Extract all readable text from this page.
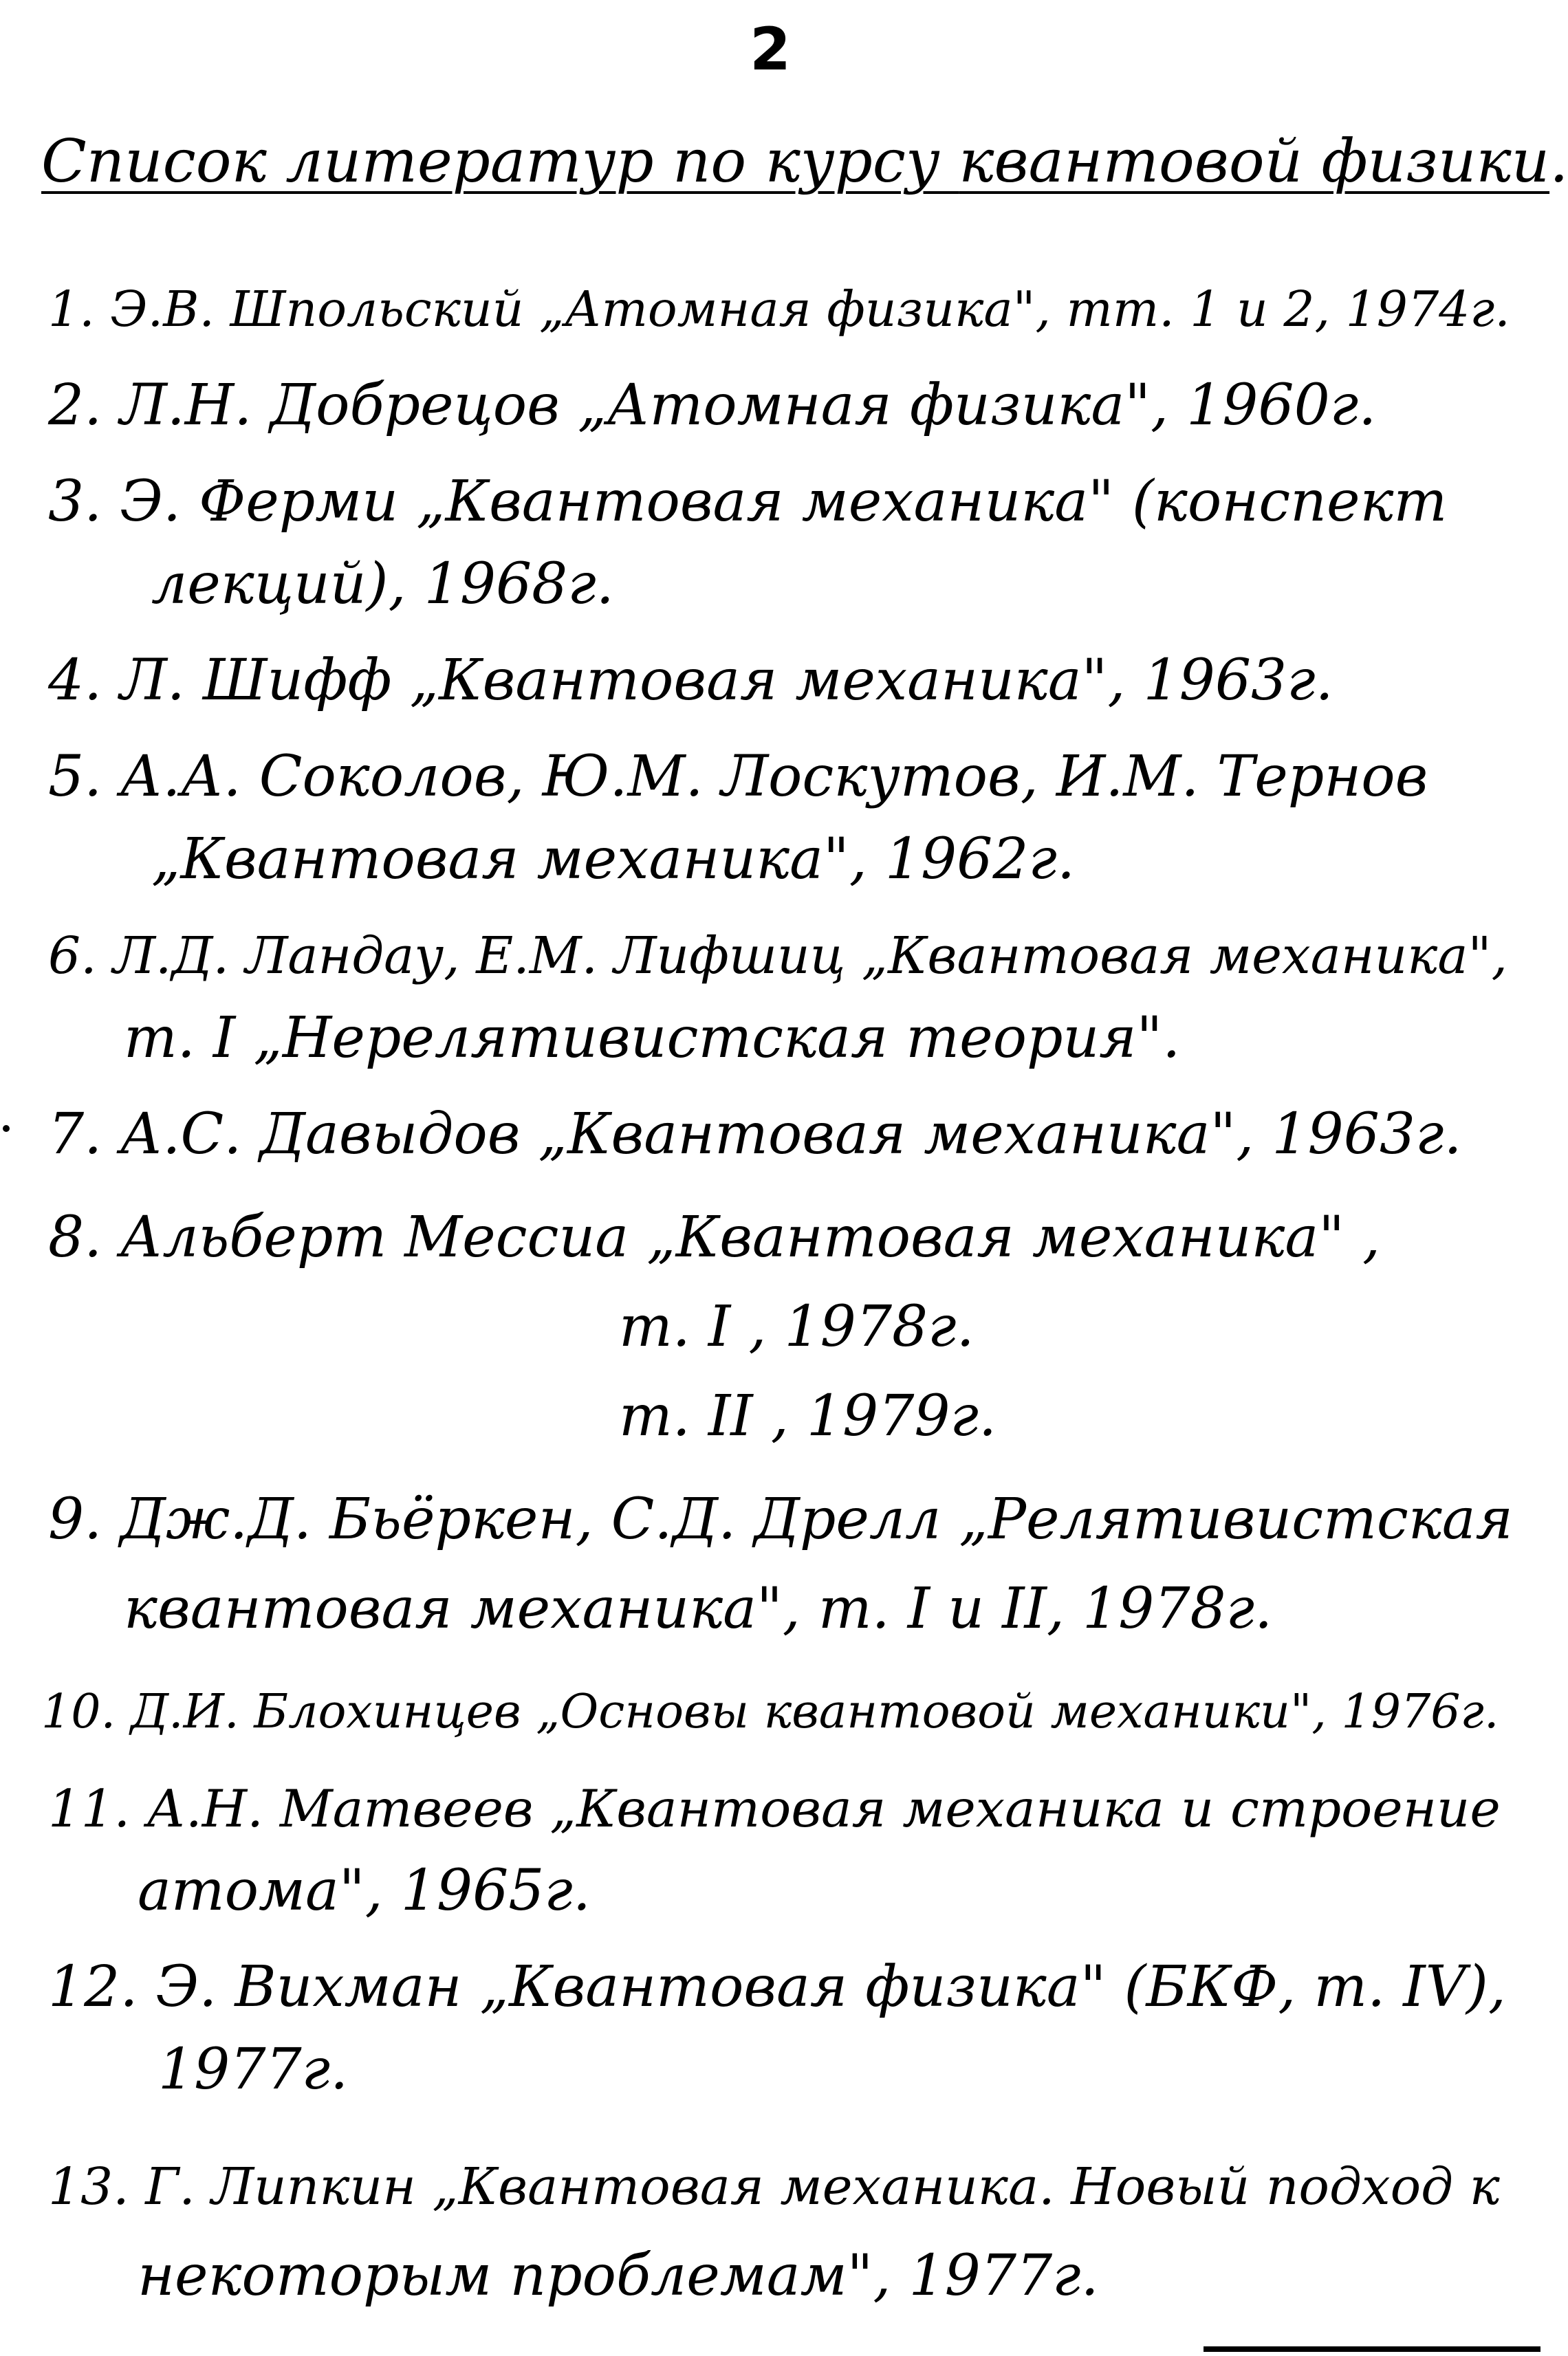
2
Список литератур по курсу квантовой физики.
1. Э.В. Шпольский „Атомная физика", тт. 1 и 2, 1974г.
2. Л.Н. Добрецов „Атомная физика", 1960г.
3. Э. Ферми „Квантовая механика" (конспект
лекций), 1968г.
4. Л. Шифф „Квантовая механика", 1963г.
5. А.А. Соколов, Ю.М. Лоскутов, И.М. Тернов
„Квантовая механика", 1962г.
6. Л.Д. Ландау, Е.М. Лифшиц „Квантовая механика",
т. I „Нерелятивистская теория".
7. А.С. Давыдов „Квантовая механика", 1963г.
8. Альберт Мессиа „Квантовая механика" ,
т. I , 1978г.
т. II , 1979г.
9. Дж.Д. Бьёркен, С.Д. Дрелл „Релятивистская
квантовая механика", т. I и II, 1978г.
10. Д.И. Блохинцев „Основы квантовой механики", 1976г.
11. А.Н. Матвеев „Квантовая механика и строение
атома", 1965г.
12. Э. Вихман „Квантовая физика" (БКФ, т. IV),
1977г.
13. Г. Липкин „Квантовая механика. Новый подход к
некоторым проблемам", 1977г.
